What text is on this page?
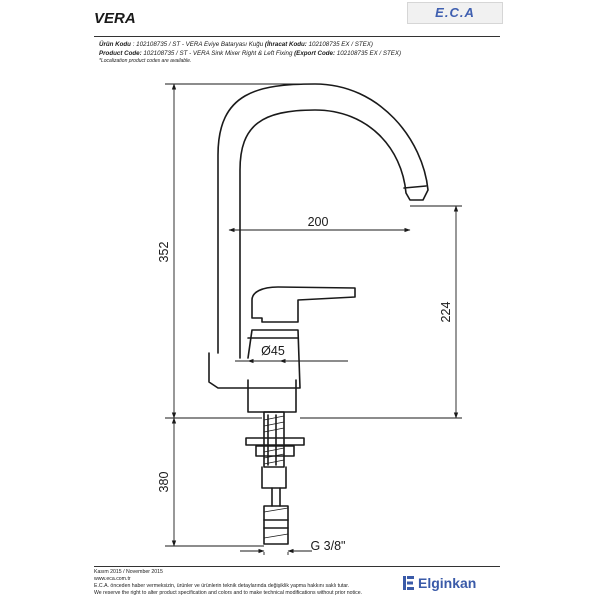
VERA	E.C.A
Ürün Kodu : 102108735 / ST - VERA Eviye Bataryası Kuğu (İhracat Kodu: 102108735 EX / STEX)
Product Code: 102108735 / ST - VERA Sink Mixer Right & Left Fixing (Export Code: 102108735 EX / STEX)
*Localization product codes are available.
352
380
224
200
Ø45
G 3/8"
Kasım 2015 / November 2015
www.eca.com.tr
E.C.A. önceden haber vermeksizin, ürünler ve ürünlerin teknik detaylarında değişiklik yapma hakkını saklı tutar.
We reserve the right to alter product specification and colors and to make technical modifications without prior notice.
Elginkan
